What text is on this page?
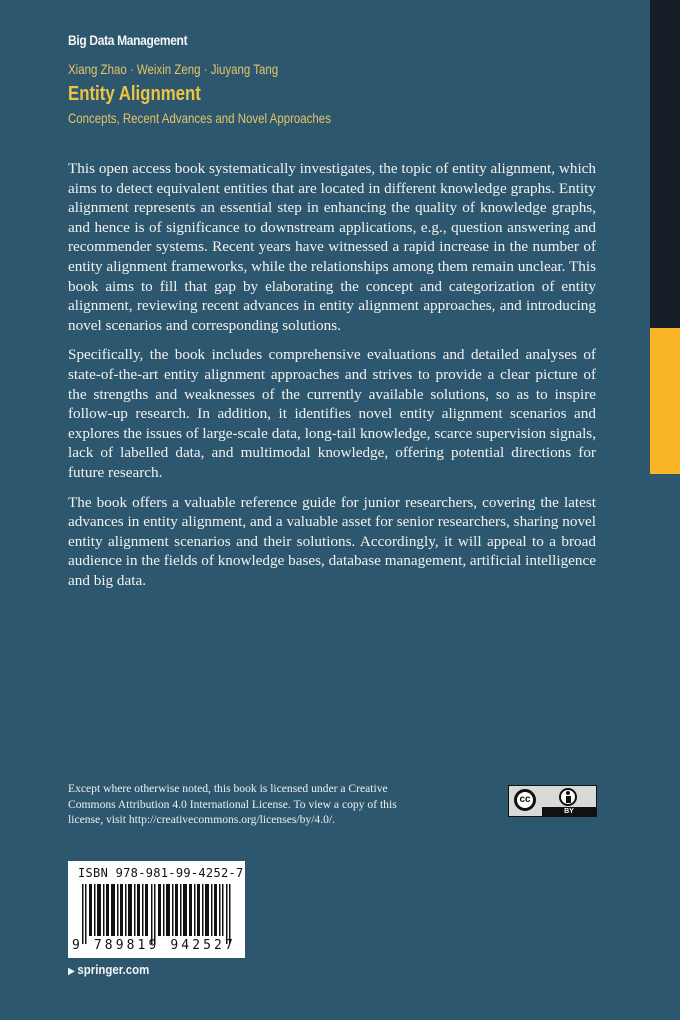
Big Data Management
Xiang Zhao · Weixin Zeng · Jiuyang Tang
Entity Alignment
Concepts, Recent Advances and Novel Approaches

This open access book systematically investigates, the topic of entity alignment, which aims to detect equivalent entities that are located in different knowledge graphs. Entity alignment represents an essential step in enhancing the quality of knowledge graphs, and hence is of significance to downstream applications, e.g., question answering and recommender systems. Recent years have witnessed a rapid increase in the number of entity alignment frameworks, while the relationships among them remain unclear. This book aims to fill that gap by elaborating the concept and categorization of entity alignment, reviewing recent advances in entity alignment approaches, and introducing novel scenarios and corresponding solutions.

Specifically, the book includes comprehensive evaluations and detailed analyses of state-of-the-art entity alignment approaches and strives to provide a clear picture of the strengths and weaknesses of the currently available solutions, so as to inspire follow-up research. In addition, it identifies novel entity alignment scenarios and explores the issues of large-scale data, long-tail knowledge, scarce supervision signals, lack of labelled data, and multimodal knowledge, offering potential directions for future research.

The book offers a valuable reference guide for junior researchers, covering the latest advances in entity alignment, and a valuable asset for senior researchers, sharing novel entity alignment scenarios and their solutions. Accordingly, it will appeal to a broad audience in the fields of knowledge bases, database management, artificial intelligence and big data.

Except where otherwise noted, this book is licensed under a Creative Commons Attribution 4.0 International License. To view a copy of this license, visit http://creativecommons.org/licenses/by/4.0/.
cc
BY
ISBN 978-981-99-4252-7
9 789819 942527
▶ springer.com
